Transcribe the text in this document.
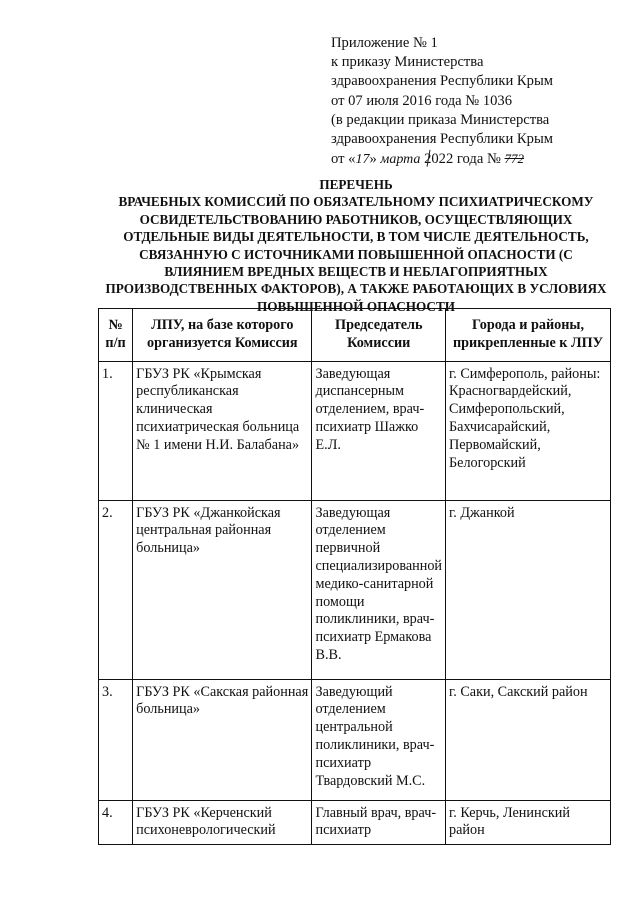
Приложение № 1
к приказу Министерства
здравоохранения Республики Крым
от 07 июля 2016 года № 1036
(в редакции приказа Министерства
здравоохранения Республики Крым
от «17» марта 2022 года № 772
ПЕРЕЧЕНЬ
ВРАЧЕБНЫХ КОМИССИЙ ПО ОБЯЗАТЕЛЬНОМУ ПСИХИАТРИЧЕСКОМУ
ОСВИДЕТЕЛЬСТВОВАНИЮ РАБОТНИКОВ, ОСУЩЕСТВЛЯЮЩИХ
ОТДЕЛЬНЫЕ ВИДЫ ДЕЯТЕЛЬНОСТИ, В ТОМ ЧИСЛЕ ДЕЯТЕЛЬНОСТЬ,
СВЯЗАННУЮ С ИСТОЧНИКАМИ ПОВЫШЕННОЙ ОПАСНОСТИ (С
ВЛИЯНИЕМ ВРЕДНЫХ ВЕЩЕСТВ И НЕБЛАГОПРИЯТНЫХ
ПРОИЗВОДСТВЕННЫХ ФАКТОРОВ), А ТАКЖЕ РАБОТАЮЩИХ В УСЛОВИЯХ
ПОВЫШЕННОЙ ОПАСНОСТИ
№ п/п	ЛПУ, на базе которого организуется Комиссия	Председатель Комиссии	Города и районы, прикрепленные к ЛПУ
1.	ГБУЗ РК «Крымская республиканская клиническая психиатрическая больница № 1 имени Н.И. Балабана»	Заведующая диспансерным отделением, врач-психиатр Шажко Е.Л.	г. Симферополь, районы: Красногвардейский, Симферопольский, Бахчисарайский, Первомайский, Белогорский
2.	ГБУЗ РК «Джанкойская центральная районная больница»	Заведующая отделением первичной специализированной медико-санитарной помощи поликлиники, врач-психиатр Ермакова В.В.	г. Джанкой
3.	ГБУЗ РК «Сакская районная больница»	Заведующий отделением центральной поликлиники, врач-психиатр Твардовский М.С.	г. Саки, Сакский район
4.	ГБУЗ РК «Керченский психоневрологический	Главный врач, врач-психиатр	г. Керчь, Ленинский район
